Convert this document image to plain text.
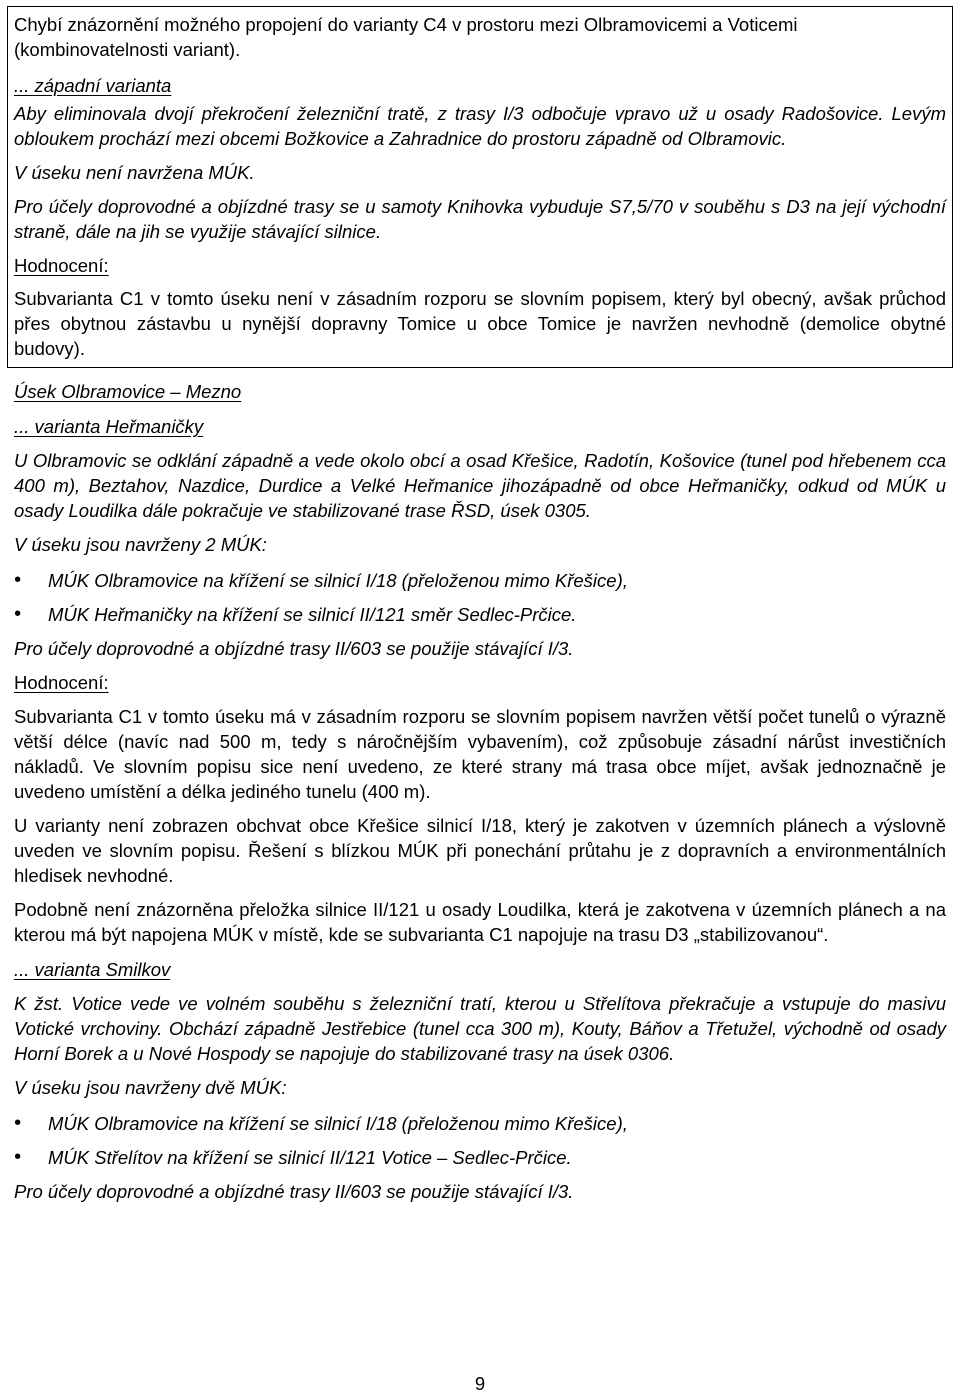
Chybí znázornění možného propojení do varianty C4 v prostoru mezi Olbramovicemi a Voticemi (kombinovatelnosti variant).

... západní varianta

Aby eliminovala dvojí překročení železniční tratě, z trasy I/3 odbočuje vpravo už u osady Radošovice. Levým obloukem prochází mezi obcemi Božkovice a Zahradnice do prostoru západně od Olbramovic.

V úseku není navržena MÚK.

Pro účely doprovodné a objízdné trasy se u samoty Knihovka vybuduje S7,5/70 v souběhu s D3 na její východní straně, dále na jih se využije stávající silnice.

Hodnocení:

Subvarianta C1 v tomto úseku není v zásadním rozporu se slovním popisem, který byl obecný, avšak průchod přes obytnou zástavbu u nynější dopravny Tomice u obce Tomice je navržen nevhodně (demolice obytné budovy).

Úsek Olbramovice – Mezno

... varianta Heřmaničky

U Olbramovic se odklání západně a vede okolo obcí a osad Křešice, Radotín, Košovice (tunel pod hřebenem cca 400 m), Beztahov, Nazdice, Durdice a Velké Heřmanice jihozápadně od obce Heřmaničky, odkud od MÚK u osady Loudilka dále pokračuje ve stabilizované trase ŘSD, úsek 0305.

V úseku jsou navrženy 2 MÚK:

• MÚK Olbramovice na křížení se silnicí I/18 (přeloženou mimo Křešice),
• MÚK Heřmaničky na křížení se silnicí II/121 směr Sedlec-Prčice.

Pro účely doprovodné a objízdné trasy II/603 se použije stávající I/3.

Hodnocení:

Subvarianta C1 v tomto úseku má v zásadním rozporu se slovním popisem navržen větší počet tunelů o výrazně větší délce (navíc nad 500 m, tedy s náročnějším vybavením), což způsobuje zásadní nárůst investičních nákladů. Ve slovním popisu sice není uvedeno, ze které strany má trasa obce míjet, avšak jednoznačně je uvedeno umístění a délka jediného tunelu (400 m).

U varianty není zobrazen obchvat obce Křešice silnicí I/18, který je zakotven v územních plánech a výslovně uveden ve slovním popisu. Řešení s blízkou MÚK při ponechání průtahu je z dopravních a environmentálních hledisek nevhodné.

Podobně není znázorněna přeložka silnice II/121 u osady Loudilka, která je zakotvena v územních plánech a na kterou má být napojena MÚK v místě, kde se subvarianta C1 napojuje na trasu D3 „stabilizovanou“.

... varianta Smilkov

K žst. Votice vede ve volném souběhu s železniční tratí, kterou u Střelítova překračuje a vstupuje do masivu Votické vrchoviny. Obchází západně Jestřebice (tunel cca 300 m), Kouty, Báňov a Třetužel, východně od osady Horní Borek a u Nové Hospody se napojuje do stabilizované trasy na úsek 0306.

V úseku jsou navrženy dvě MÚK:

• MÚK Olbramovice na křížení se silnicí I/18 (přeloženou mimo Křešice),
• MÚK Střelítov na křížení se silnicí II/121 Votice – Sedlec-Prčice.

Pro účely doprovodné a objízdné trasy II/603 se použije stávající I/3.

9
